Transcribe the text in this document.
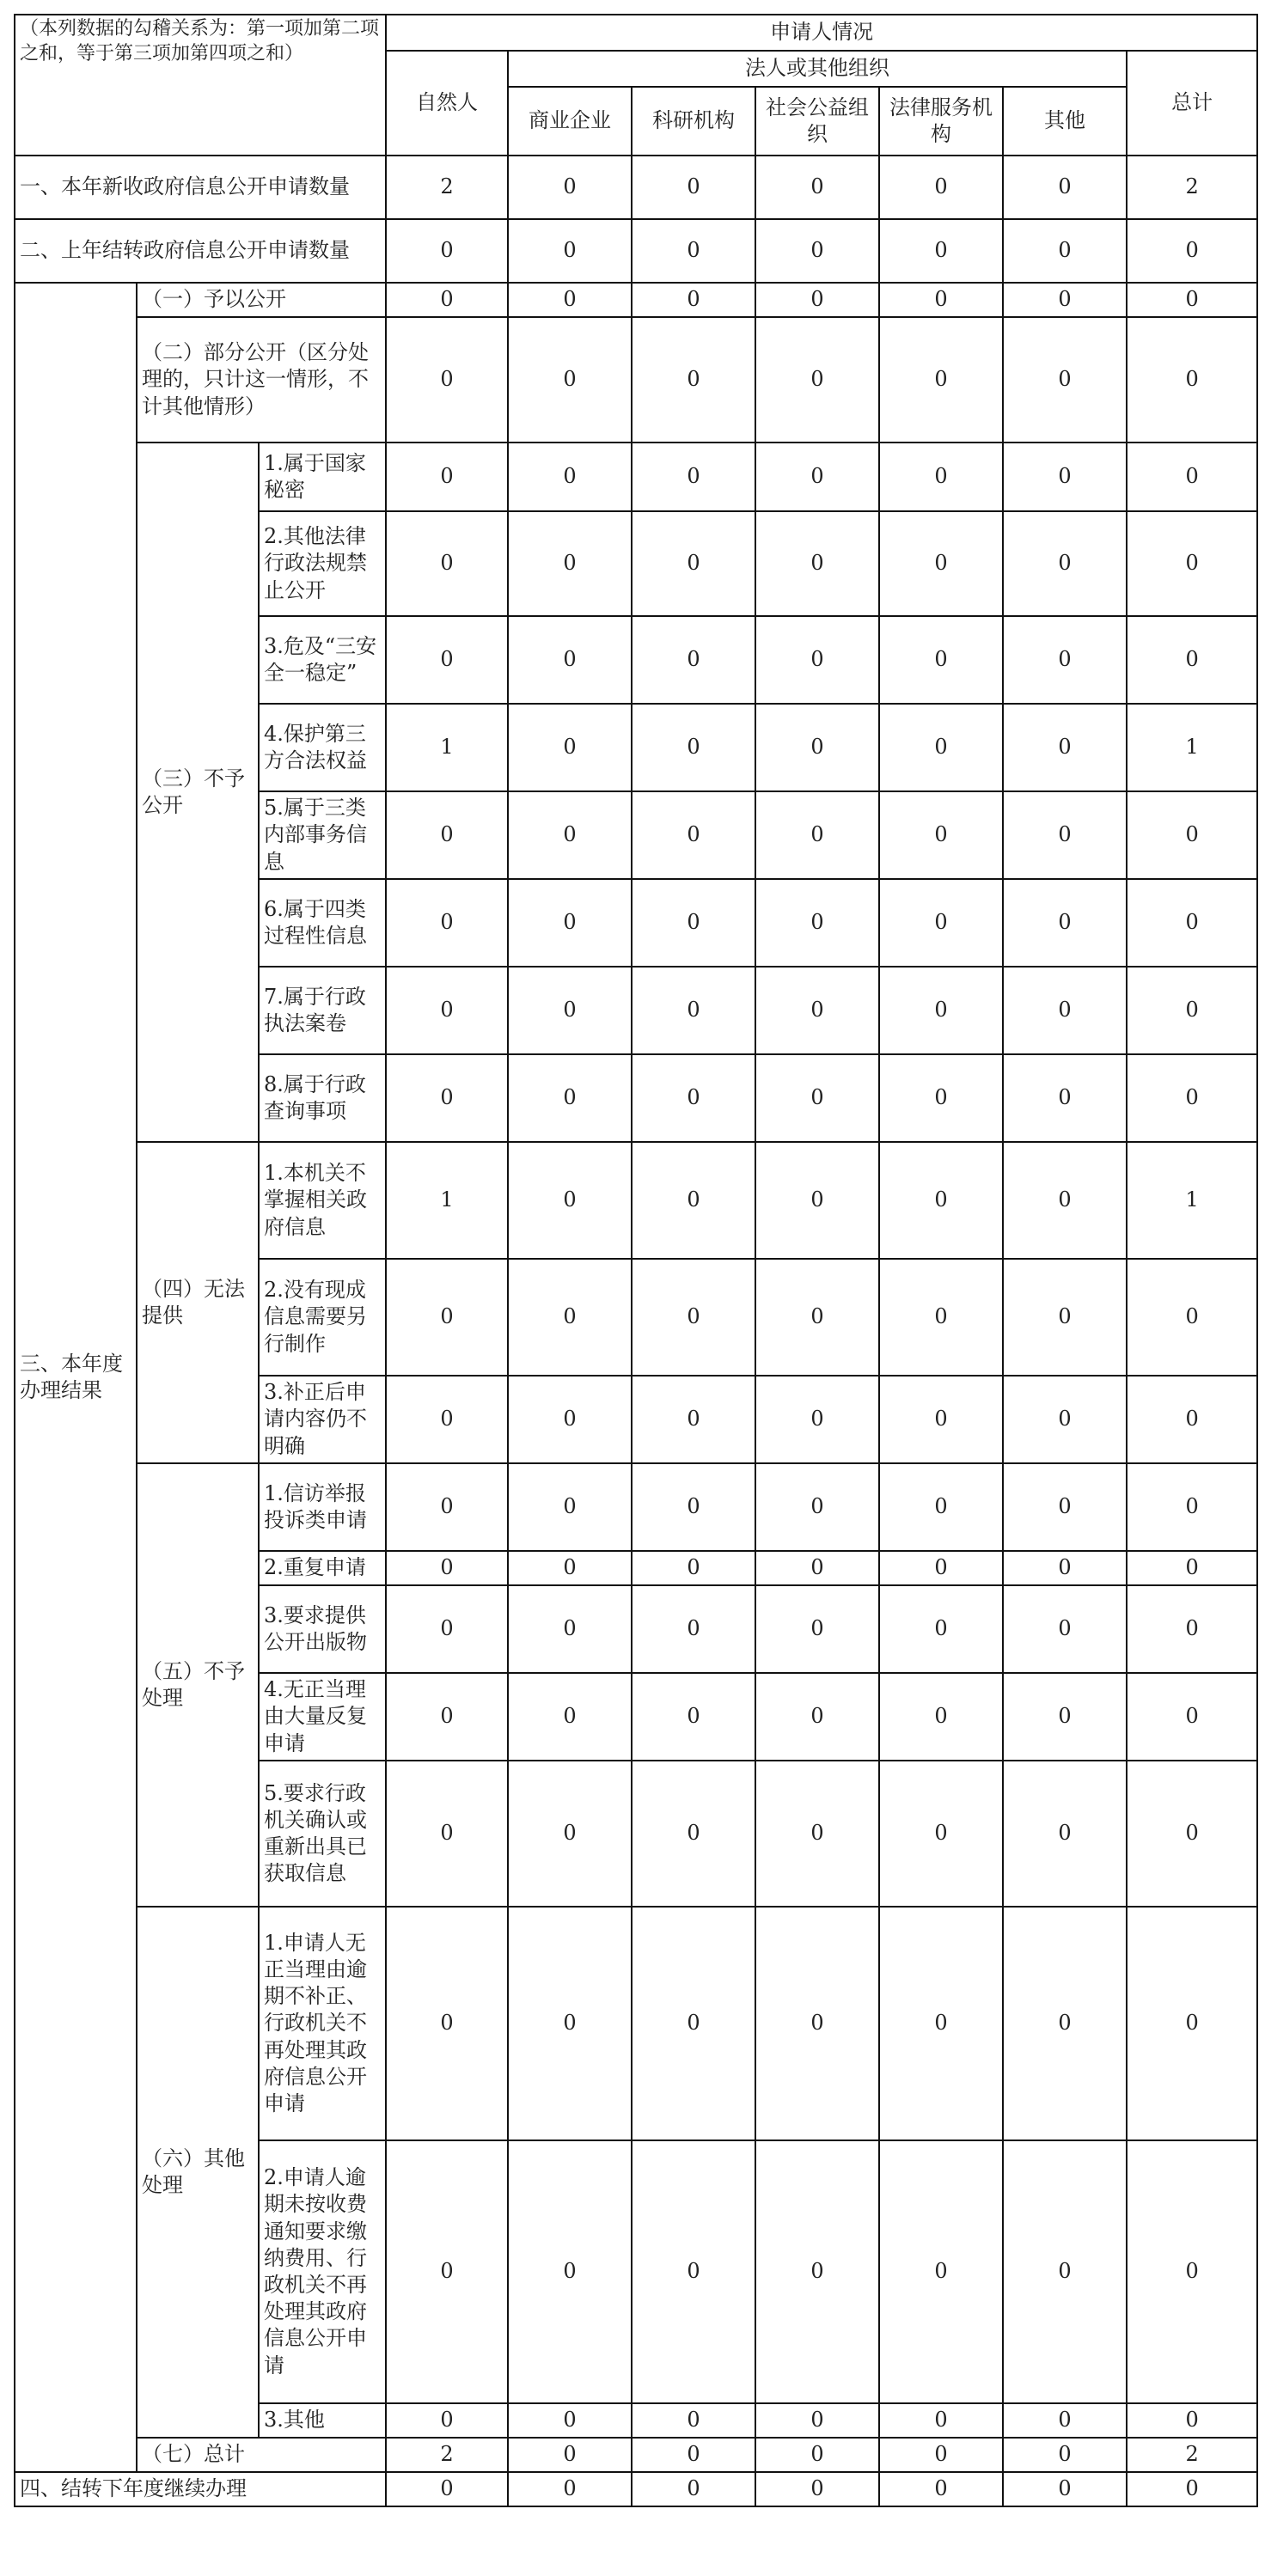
（本列数据的勾稽关系为：第一项加第二项之和，等于第三项加第四项之和）			申请人情况						
			自然人	法人或其他组织					总计
				商业企业	科研机构	社会公益组织	法律服务机构	其他	
一、本年新收政府信息公开申请数量			2	0	0	0	0	0	2
二、上年结转政府信息公开申请数量			0	0	0	0	0	0	0
三、本年度办理结果	（一）予以公开		0	0	0	0	0	0	0
	（二）部分公开（区分处理的，只计这一情形，不计其他情形）		0	0	0	0	0	0	0
	（三）不予公开	1.属于国家秘密	0	0	0	0	0	0	0
		2.其他法律行政法规禁止公开	0	0	0	0	0	0	0
		3.危及“三安全一稳定”	0	0	0	0	0	0	0
		4.保护第三方合法权益	1	0	0	0	0	0	1
		5.属于三类内部事务信息	0	0	0	0	0	0	0
		6.属于四类过程性信息	0	0	0	0	0	0	0
		7.属于行政执法案卷	0	0	0	0	0	0	0
		8.属于行政查询事项	0	0	0	0	0	0	0
	（四）无法提供	1.本机关不掌握相关政府信息	1	0	0	0	0	0	1
		2.没有现成信息需要另行制作	0	0	0	0	0	0	0
		3.补正后申请内容仍不明确	0	0	0	0	0	0	0
	（五）不予处理	1.信访举报投诉类申请	0	0	0	0	0	0	0
		2.重复申请	0	0	0	0	0	0	0
		3.要求提供公开出版物	0	0	0	0	0	0	0
		4.无正当理由大量反复申请	0	0	0	0	0	0	0
		5.要求行政机关确认或重新出具已获取信息	0	0	0	0	0	0	0
	（六）其他处理	1.申请人无正当理由逾期不补正、行政机关不再处理其政府信息公开申请	0	0	0	0	0	0	0
		2.申请人逾期未按收费通知要求缴纳费用、行政机关不再处理其政府信息公开申请	0	0	0	0	0	0	0
		3.其他	0	0	0	0	0	0	0
	（七）总计		2	0	0	0	0	0	2
四、结转下年度继续办理			0	0	0	0	0	0	0
